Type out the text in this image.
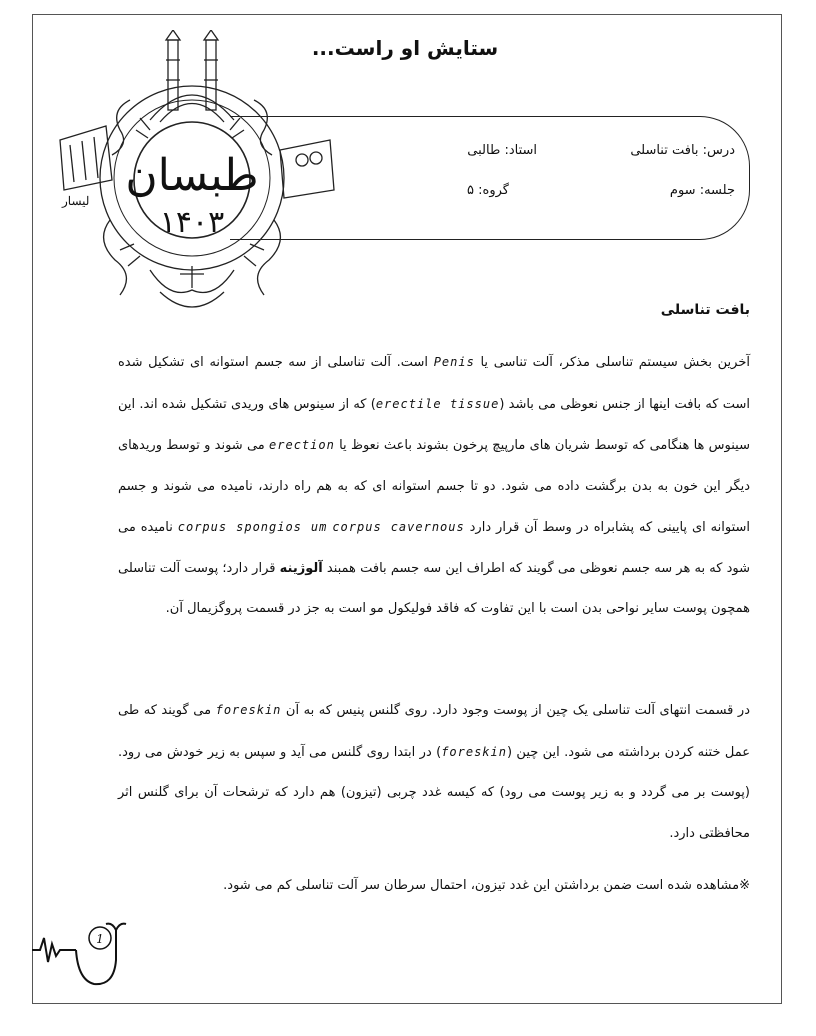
طبسان
۱۴۰۳
لیسار
ستایش او راست...
درس: بافت تناسلی
استاد: طالبی
جلسه: سوم
گروه: ۵
بافت تناسلی
آخرین بخش سیستم تناسلی مذکر، آلت تناسی یا Penis است. آلت تناسلی از سه جسم استوانه ای تشکیل شده است که بافت اینها از جنس نعوظی می باشد (erectile tissue) که از سینوس های وریدی تشکیل شده اند. این سینوس ها هنگامی که توسط شریان های مارپیچ پرخون بشوند باعث نعوظ یا erection می شوند و توسط وریدهای دیگر این خون به بدن برگشت داده می شود. دو تا جسم استوانه ای که به هم راه دارند، نامیده می شوند و جسم استوانه ای پایینی که پشابراه در وسط آن قرار دارد corpus cavernous corpus spongios um نامیده می شود که به هر سه جسم نعوظی می گویند که اطراف این سه جسم بافت همبند آلوژینه قرار دارد؛ پوست آلت تناسلی همچون پوست سایر نواحی بدن است با این تفاوت که فاقد فولیکول مو است به جز در قسمت پروگزیمال آن.
در قسمت انتهای آلت تناسلی یک چین از پوست وجود دارد. روی گلنس پنیس که به آن foreskin می گویند که طی عمل ختنه کردن برداشته می شود. این چین (foreskin) در ابتدا روی گلنس می آید و سپس به زیر خودش می رود. (پوست بر می گردد و به زیر پوست می رود) که کیسه غدد چربی (تیزون) هم دارد که ترشحات آن برای گلنس اثر محافظتی دارد.
※مشاهده شده است ضمن برداشتن این غدد تیزون، احتمال سرطان سر آلت تناسلی کم می شود.
1
